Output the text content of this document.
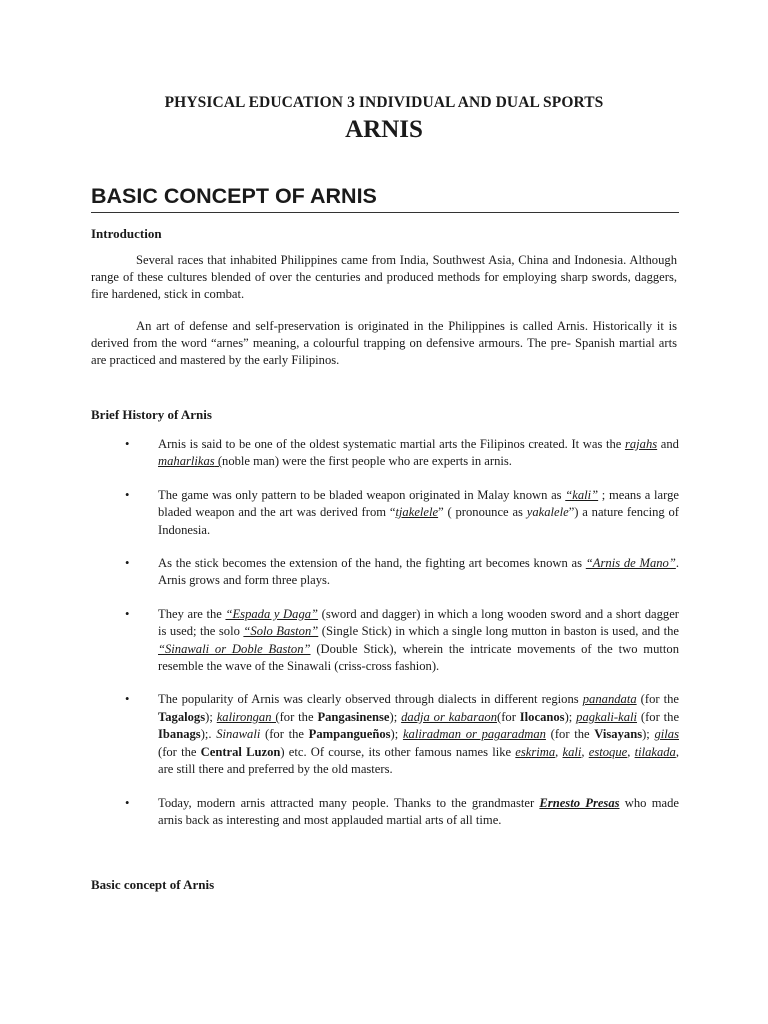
PHYSICAL EDUCATION 3 INDIVIDUAL AND DUAL SPORTS
ARNIS
BASIC CONCEPT OF ARNIS
Introduction
Several races that inhabited Philippines came from India, Southwest Asia, China and Indonesia. Although range of these cultures blended of over the centuries and produced methods for employing sharp swords, daggers, fire hardened, stick in combat.
An art of defense and self-preservation is originated in the Philippines is called Arnis. Historically it is derived from the word “arnes” meaning, a colourful trapping on defensive armours. The pre- Spanish martial arts are practiced and mastered by the early Filipinos.
Brief History of Arnis
• Arnis is said to be one of the oldest systematic martial arts the Filipinos created. It was the rajahs and maharlikas (noble man) were the first people who are experts in arnis.
• The game was only pattern to be bladed weapon originated in Malay known as “kali” ; means a large bladed weapon and the art was derived from “tjakelele” ( pronounce as yakalele”) a nature fencing of Indonesia.
• As the stick becomes the extension of the hand, the fighting art becomes known as “Arnis de Mano”. Arnis grows and form three plays.
• They are the “Espada y Daga” (sword and dagger) in which a long wooden sword and a short dagger is used; the solo “Solo Baston” (Single Stick) in which a single long mutton in baston is used, and the “Sinawali or Doble Baston” (Double Stick), wherein the intricate movements of the two mutton resemble the wave of the Sinawali (criss-cross fashion).
• The popularity of Arnis was clearly observed through dialects in different regions panandata (for the Tagalogs); kalirongan (for the Pangasinense); dadja or kabaraon(for Ilocanos); pagkali-kali (for the Ibanags);. Sinawali (for the Pampangueños); kaliradman or pagaradman (for the Visayans); gilas (for the Central Luzon) etc. Of course, its other famous names like eskrima, kali, estoque, tilakada, are still there and preferred by the old masters.
• Today, modern arnis attracted many people. Thanks to the grandmaster Ernesto Presas who made arnis back as interesting and most applauded martial arts of all time.
Basic concept of Arnis
